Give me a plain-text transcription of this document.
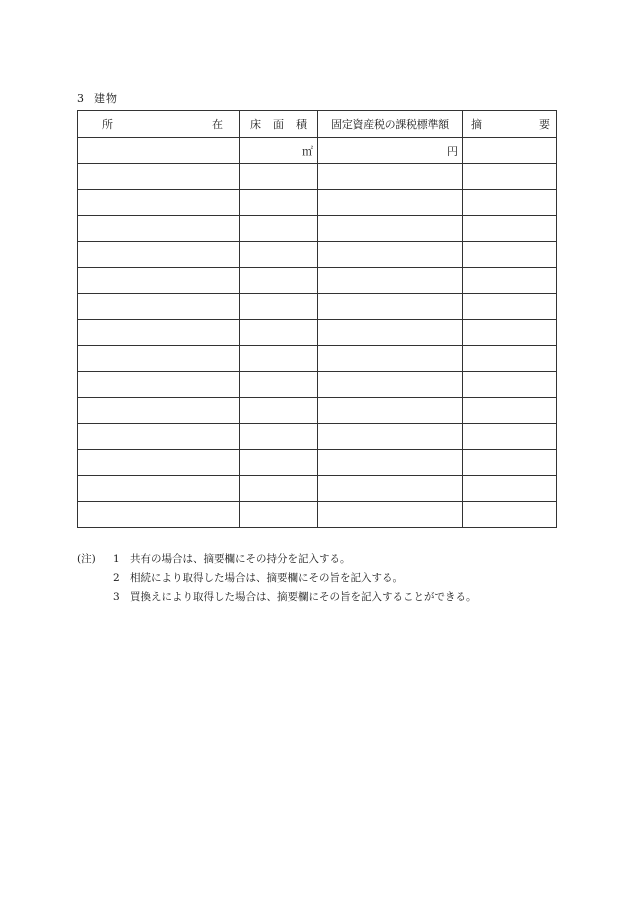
3 建物
所 在	床 面 積	固定資産税の課税標準額	摘 要

	㎡	円	

(注)	1 共有の場合は、摘要欄にその持分を記入する。
2 相続により取得した場合は、摘要欄にその旨を記入する。
3 買換えにより取得した場合は、摘要欄にその旨を記入することができる。
